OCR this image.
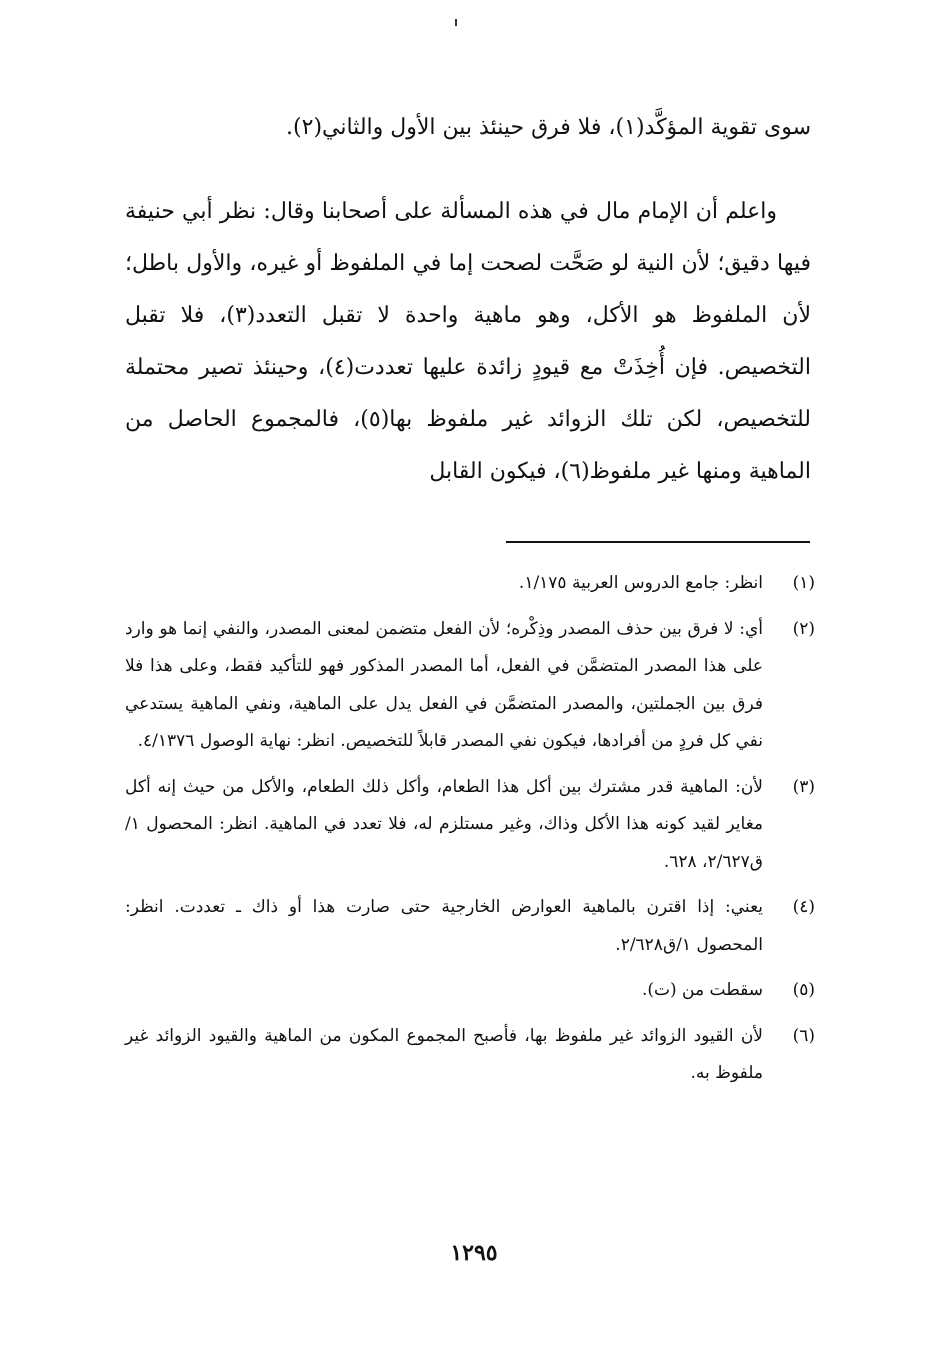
سوى تقوية المؤكَّد(١)، فلا فرق حينئذ بين الأول والثاني(٢).

واعلم أن الإمام مال في هذه المسألة على أصحابنا وقال: نظر أبي حنيفة فيها دقيق؛ لأن النية لو صَحَّت لصحت إما في الملفوظ أو غيره، والأول باطل؛ لأن الملفوظ هو الأكل، وهو ماهية واحدة لا تقبل التعدد(٣)، فلا تقبل التخصيص. فإن أُخِذَتْ مع قيودٍ زائدة عليها تعددت(٤)، وحينئذ تصير محتملة للتخصيص، لكن تلك الزوائد غير ملفوظ بها(٥)، فالمجموع الحاصل من الماهية ومنها غير ملفوظ(٦)، فيكون القابل

(١)
انظر: جامع الدروس العربية ١/١٧٥.
(٢)
أي: لا فرق بين حذف المصدر وذِكْره؛ لأن الفعل متضمن لمعنى المصدر، والنفي إنما هو وارد على هذا المصدر المتضمَّن في الفعل، أما المصدر المذكور فهو للتأكيد فقط، وعلى هذا فلا فرق بين الجملتين، والمصدر المتضمَّن في الفعل يدل على الماهية، ونفي الماهية يستدعي نفي كل فردٍ من أفرادها، فيكون نفي المصدر قابلاً للتخصيص. انظر: نهاية الوصول ٤/١٣٧٦.
(٣)
لأن: الماهية قدر مشترك بين أكل هذا الطعام، وأكل ذلك الطعام، والأكل من حيث إنه أكل مغاير لقيد كونه هذا الأكل وذاك، وغير مستلزم له، فلا تعدد في الماهية. انظر: المحصول ١/ق٢/٦٢٧، ٦٢٨.
(٤)
يعني: إذا اقترن بالماهية العوارض الخارجية حتى صارت هذا أو ذاك ـ تعددت. انظر: المحصول ١/ق٢/٦٢٨.
(٥)
سقطت من (ت).
(٦)
لأن القيود الزوائد غير ملفوظ بها، فأصبح المجموع المكون من الماهية والقيود الزوائد غير ملفوظ به.
١٢٩٥
